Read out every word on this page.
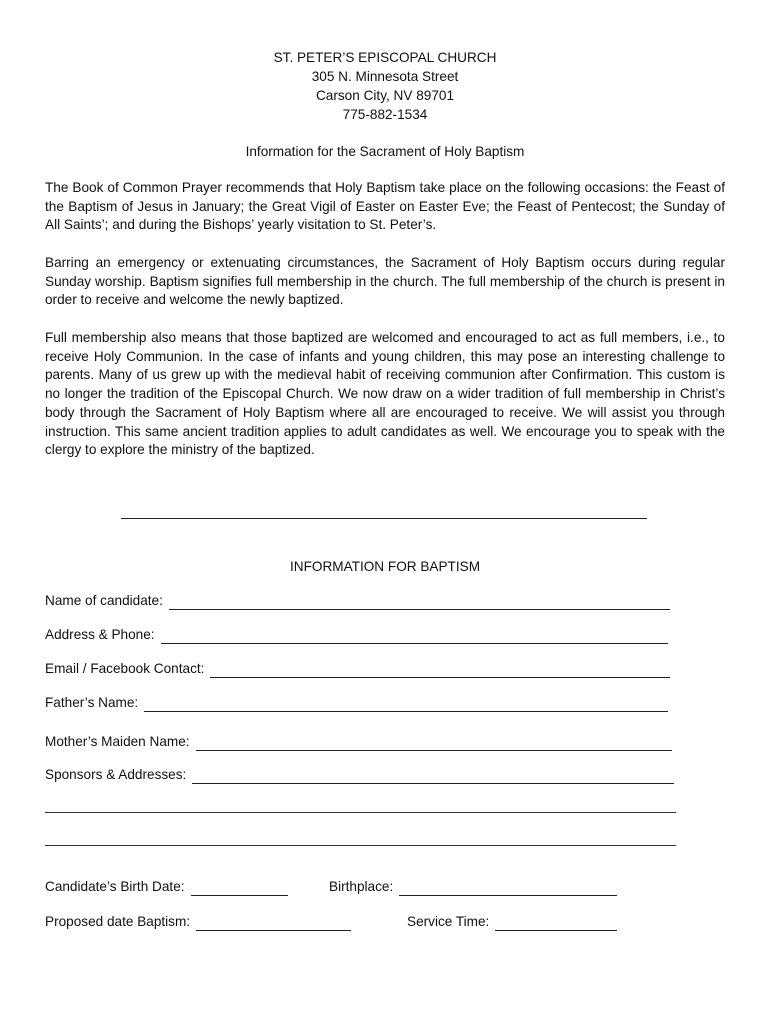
ST. PETER’S EPISCOPAL CHURCH
305 N. Minnesota Street
Carson City, NV 89701
775-882-1534
Information for the Sacrament of Holy Baptism

The Book of Common Prayer recommends that Holy Baptism take place on the following occasions: the Feast of the Baptism of Jesus in January; the Great Vigil of Easter on Easter Eve; the Feast of Pentecost; the Sunday of All Saints’; and during the Bishops’ yearly visitation to St. Peter’s.

Barring an emergency or extenuating circumstances, the Sacrament of Holy Baptism occurs during regular Sunday worship. Baptism signifies full membership in the church. The full membership of the church is present in order to receive and welcome the newly baptized.

Full membership also means that those baptized are welcomed and encouraged to act as full members, i.e., to receive Holy Communion. In the case of infants and young children, this may pose an interesting challenge to parents. Many of us grew up with the medieval habit of receiving communion after Confirmation. This custom is no longer the tradition of the Episcopal Church. We now draw on a wider tradition of full membership in Christ’s body through the Sacrament of Holy Baptism where all are encouraged to receive. We will assist you through instruction. This same ancient tradition applies to adult candidates as well. We encourage you to speak with the clergy to explore the ministry of the baptized.

INFORMATION FOR BAPTISM
Name of candidate:
Address & Phone:
Email / Facebook Contact:
Father’s Name:
Mother’s Maiden Name:
Sponsors & Addresses:
Candidate’s Birth Date:	Birthplace:
Proposed date Baptism:	Service Time:
